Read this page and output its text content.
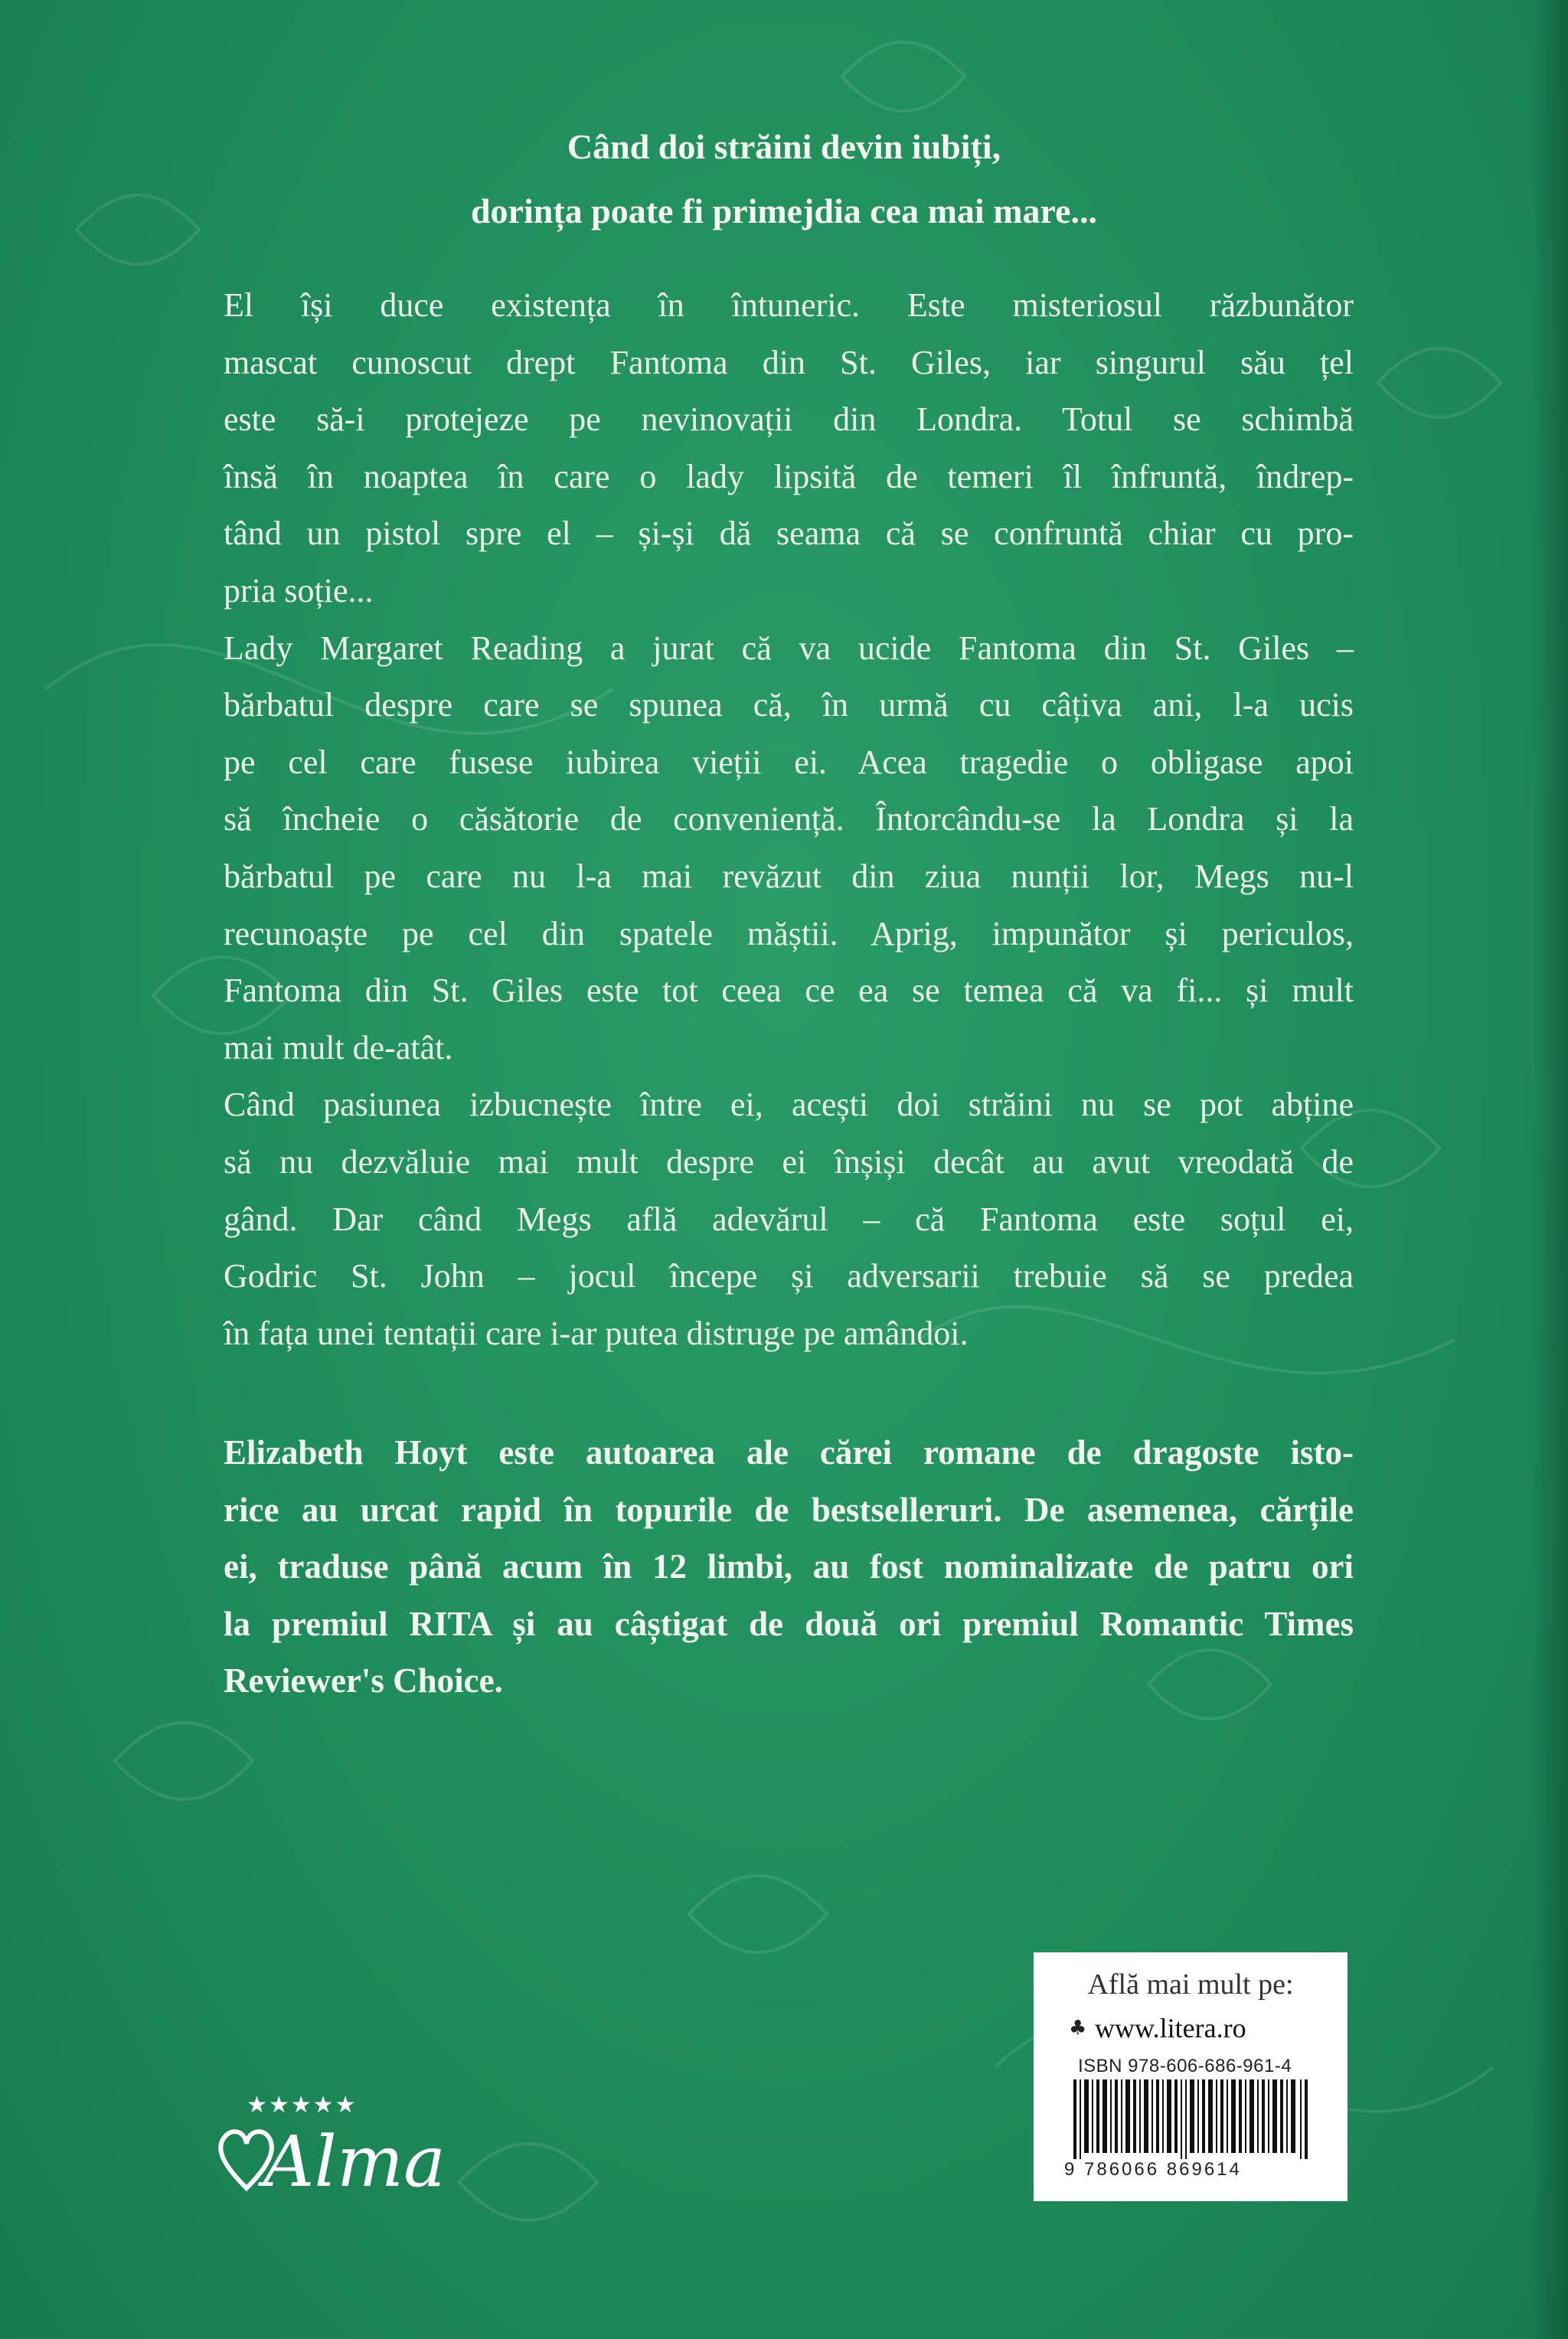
Când doi străini devin iubiți,
dorința poate fi primejdia cea mai mare...
El își duce existența în întuneric. Este misteriosul răzbunător
mascat cunoscut drept Fantoma din St. Giles, iar singurul său țel
este să-i protejeze pe nevinovații din Londra. Totul se schimbă
însă în noaptea în care o lady lipsită de temeri îl înfruntă, îndrep-
tând un pistol spre el – și-și dă seama că se confruntă chiar cu pro-
pria soție...
Lady Margaret Reading a jurat că va ucide Fantoma din St. Giles –
bărbatul despre care se spunea că, în urmă cu câțiva ani, l-a ucis
pe cel care fusese iubirea vieții ei. Acea tragedie o obligase apoi
să încheie o căsătorie de conveniență. Întorcându-se la Londra și la
bărbatul pe care nu l-a mai revăzut din ziua nunții lor, Megs nu-l
recunoaște pe cel din spatele măștii. Aprig, impunător și periculos,
Fantoma din St. Giles este tot ceea ce ea se temea că va fi... și mult
mai mult de-atât.
Când pasiunea izbucnește între ei, acești doi străini nu se pot abține
să nu dezvăluie mai mult despre ei înșiși decât au avut vreodată de
gând. Dar când Megs află adevărul – că Fantoma este soțul ei,
Godric St. John – jocul începe și adversarii trebuie să se predea
în fața unei tentații care i-ar putea distruge pe amândoi.
Elizabeth Hoyt este autoarea ale cărei romane de dragoste isto-
rice au urcat rapid în topurile de bestselleruri. De asemenea, cărțile
ei, traduse până acum în 12 limbi, au fost nominalizate de patru ori
la premiul RITA și au câștigat de două ori premiul Romantic Times
Reviewer's Choice.
★★★★★
Alma
Află mai mult pe:
♣ www.litera.ro
ISBN 978-606-686-961-4
9 786066 869614
